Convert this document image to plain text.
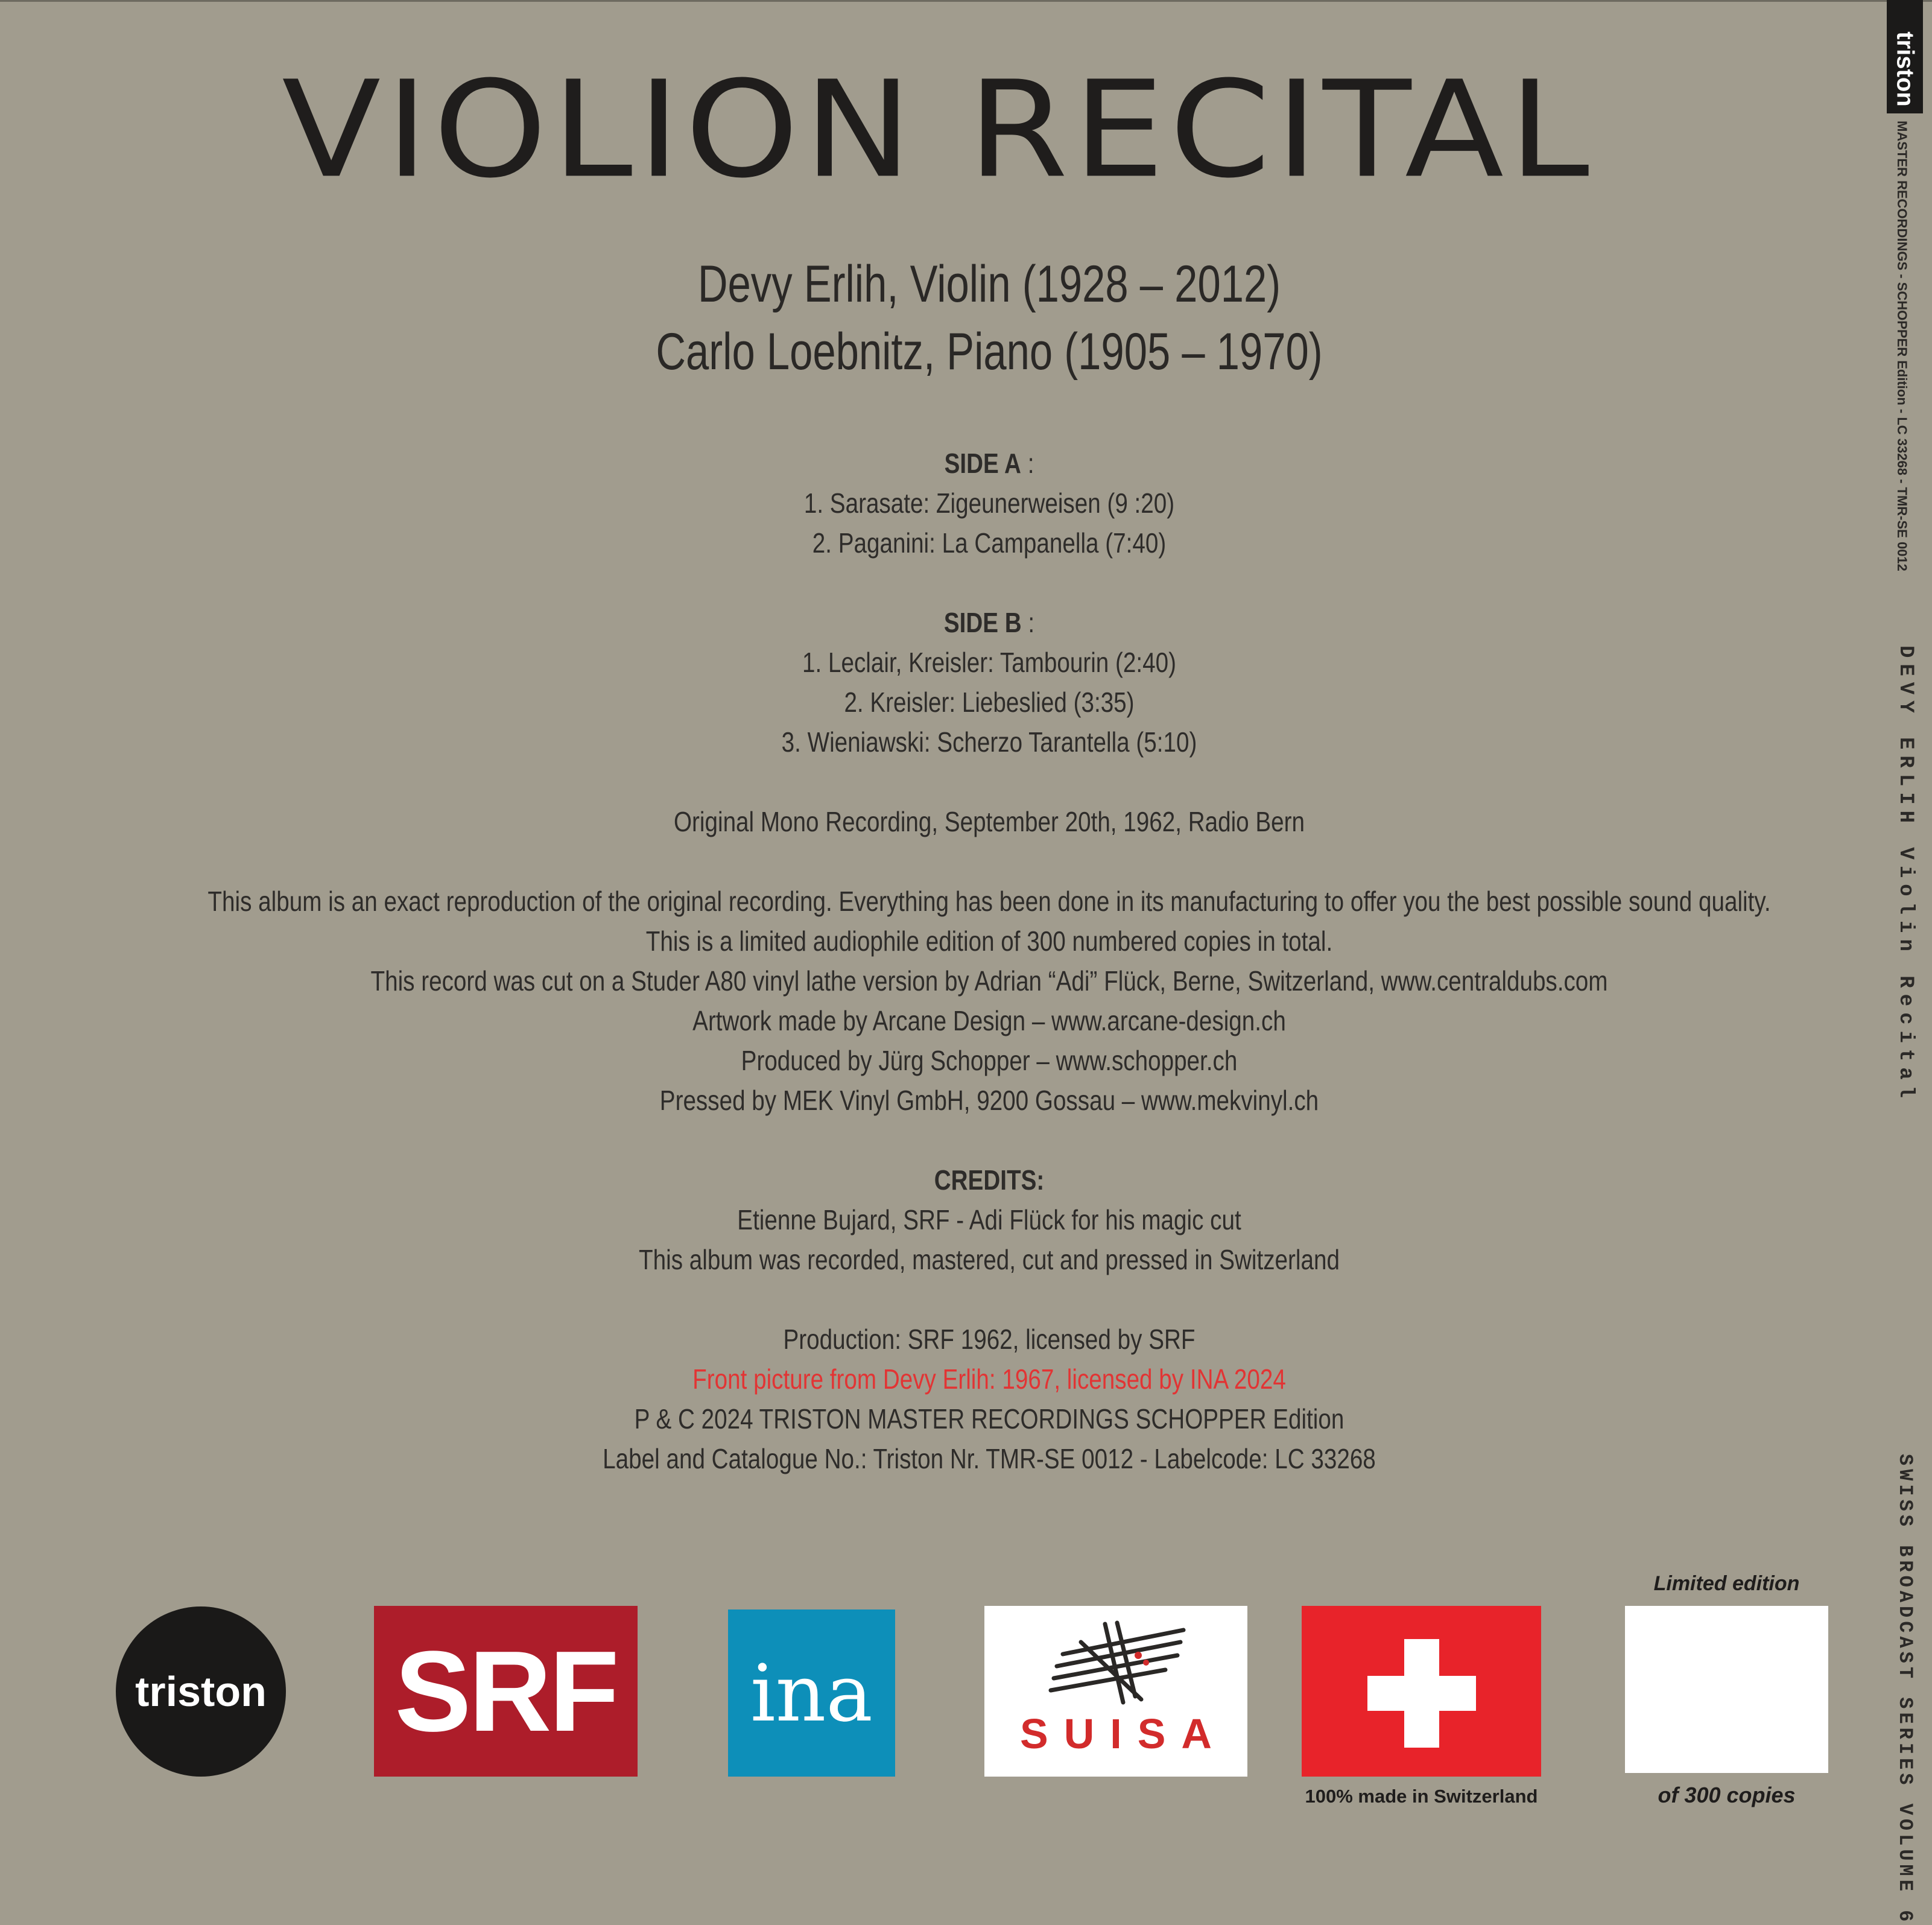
VIOLION RECITAL
Devy Erlih, Violin (1928 – 2012)
Carlo Loebnitz, Piano (1905 – 1970)
SIDE A :
1. Sarasate: Zigeunerweisen (9 :20)
2. Paganini: La Campanella (7:40)
SIDE B :
1. Leclair, Kreisler: Tambourin (2:40)
2. Kreisler: Liebeslied (3:35)
3. Wieniawski: Scherzo Tarantella (5:10)
Original Mono Recording, September 20th, 1962, Radio Bern
This album is an exact reproduction of the original recording. Everything has been done in its manufacturing to offer you the best possible sound quality.
This is a limited audiophile edition of 300 numbered copies in total.
This record was cut on a Studer A80 vinyl lathe version by Adrian “Adi” Flück, Berne, Switzerland, www.centraldubs.com
Artwork made by Arcane Design – www.arcane-design.ch
Produced by Jürg Schopper – www.schopper.ch
Pressed by MEK Vinyl GmbH, 9200 Gossau – www.mekvinyl.ch
CREDITS:
Etienne Bujard, SRF - Adi Flück for his magic cut
This album was recorded, mastered, cut and pressed in Switzerland
Production: SRF 1962, licensed by SRF
Front picture from Devy Erlih: 1967, licensed by INA 2024
P & C 2024 TRISTON MASTER RECORDINGS SCHOPPER Edition
Label and Catalogue No.: Triston Nr. TMR-SE 0012 - Labelcode: LC 33268
triston
MASTER RECORDINGS - SCHOPPER Edition - LC 33268 - TMR-SE 0012
DEVY ERLIH Violin Recital
SWISS BROADCAST SERIES VOLUME 6
triston SRF ina	SUISA
100% made in Switzerland
Limited edition
of 300 copies
